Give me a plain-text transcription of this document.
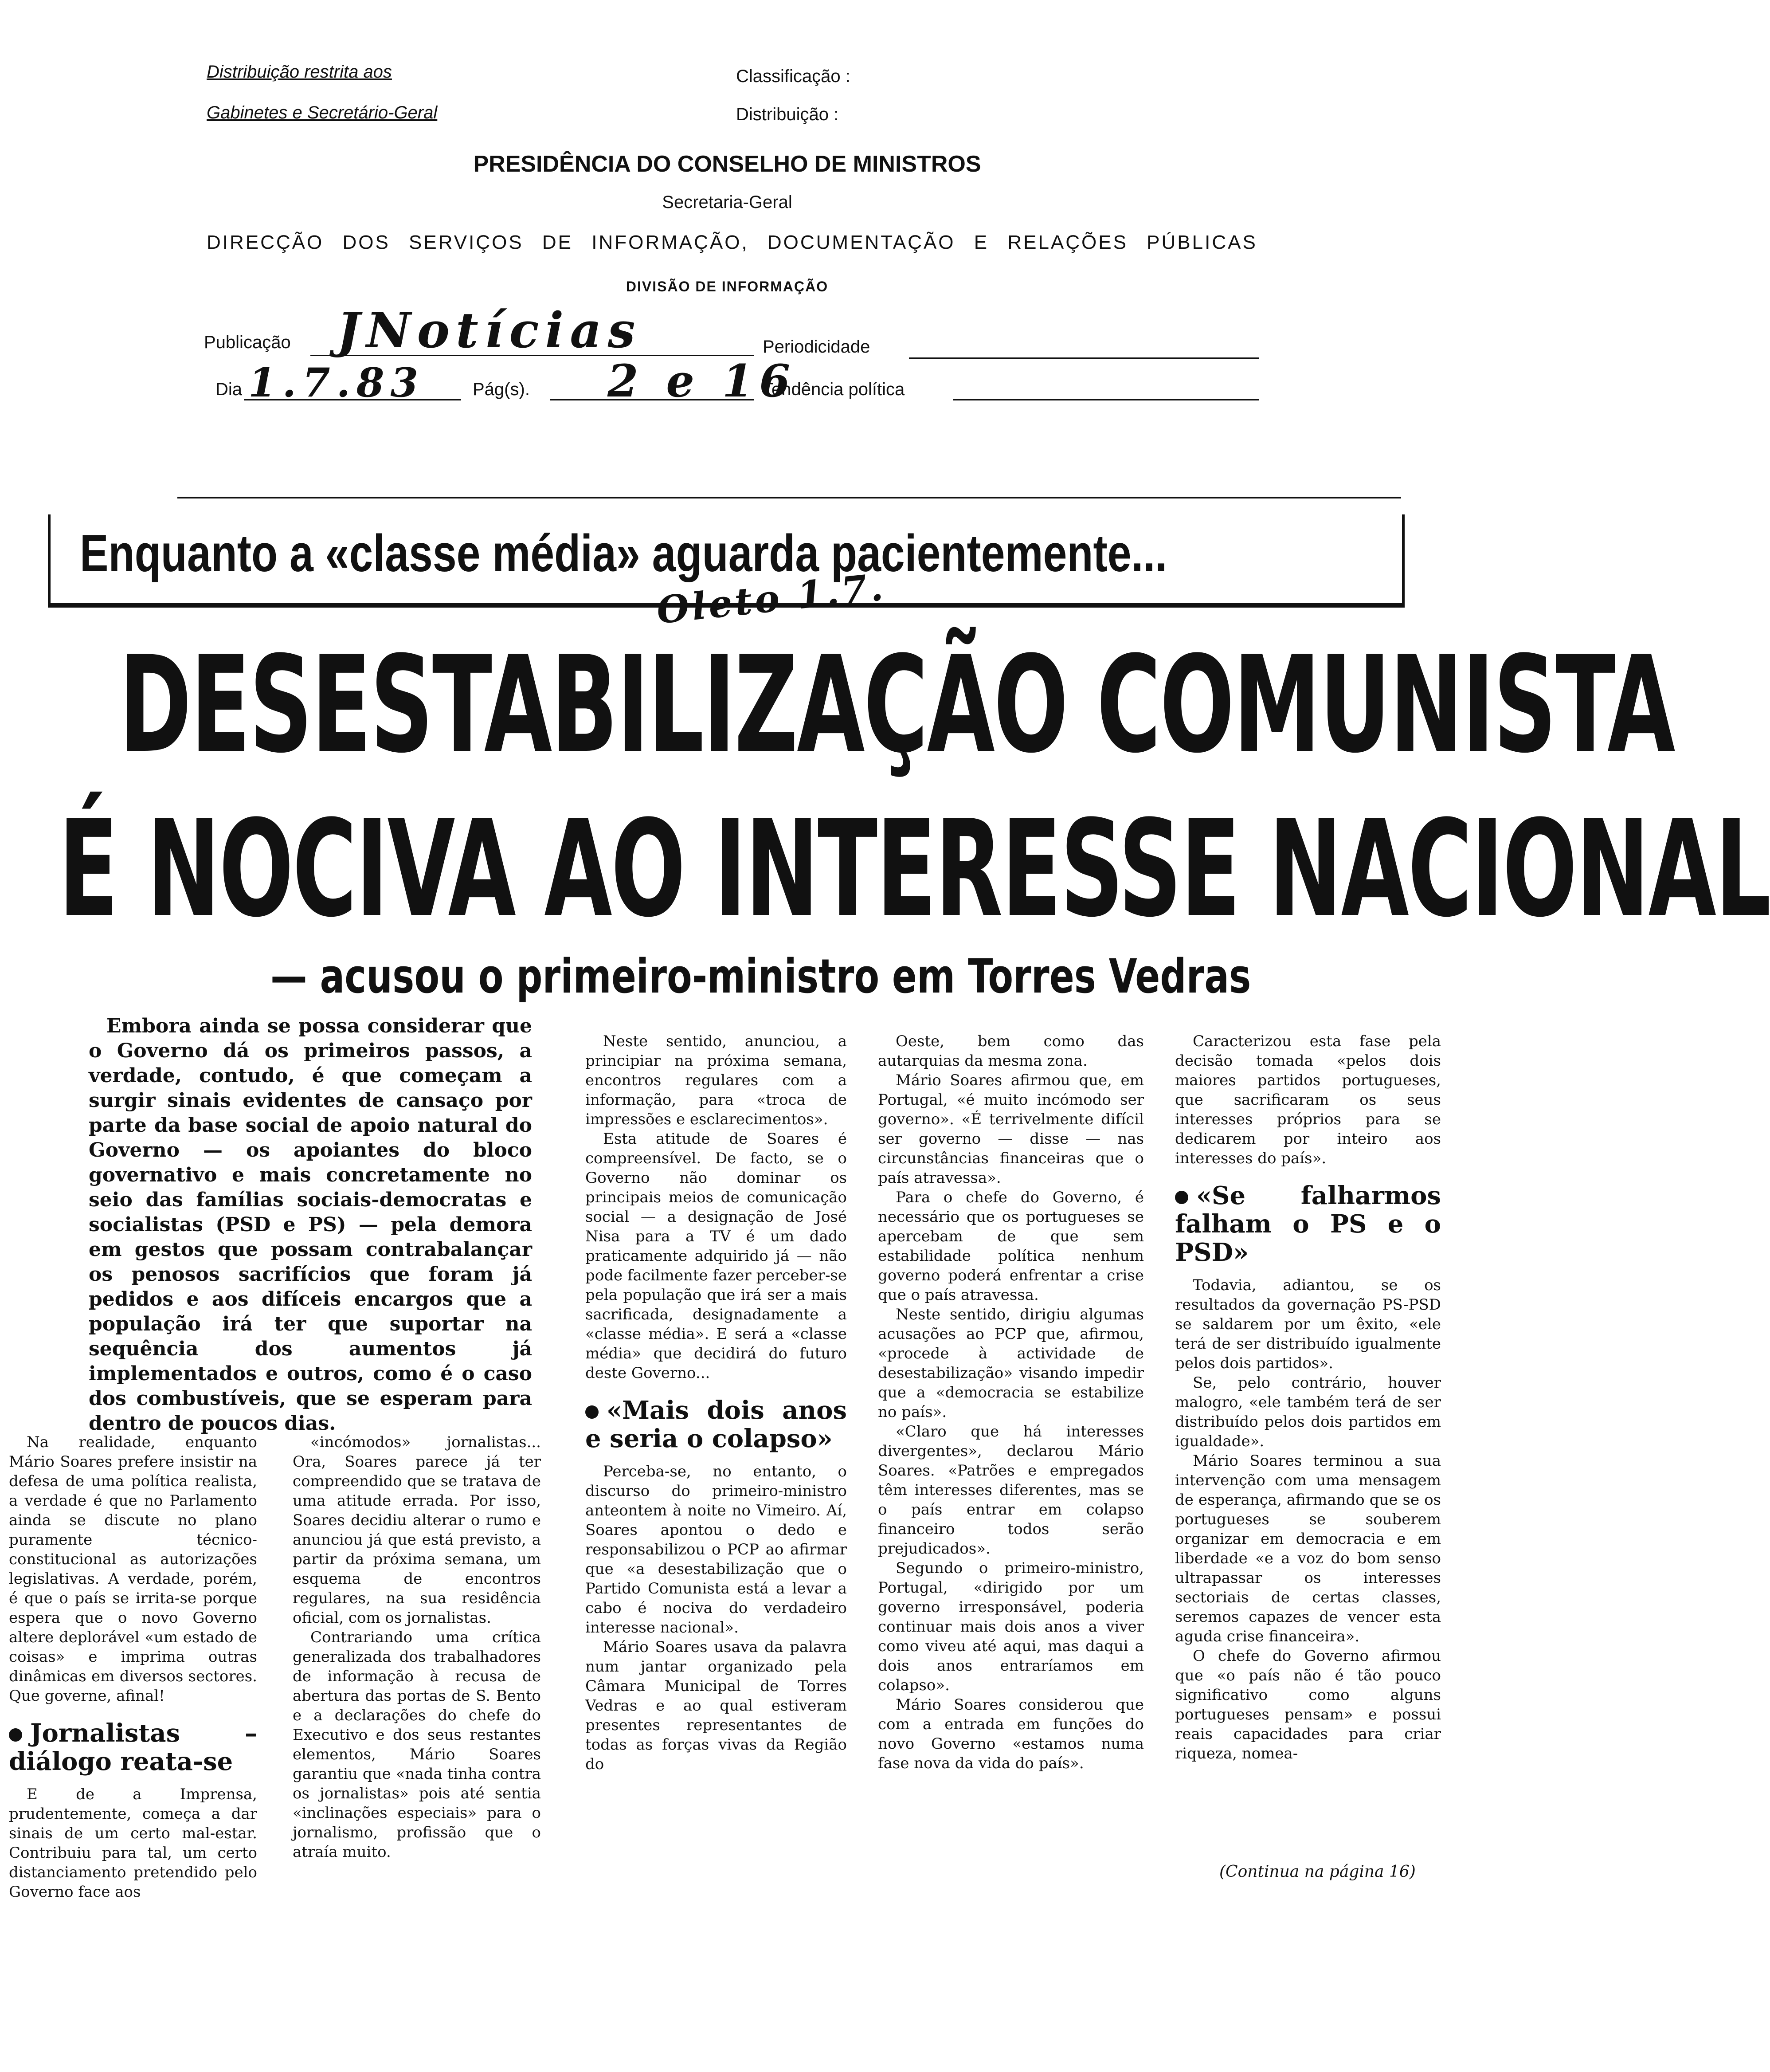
Distribuição restrita aos
Gabinetes e Secretário-Geral
Classificação :
Distribuição :
PRESIDÊNCIA DO CONSELHO DE MINISTROS
Secretaria-Geral
DIRECÇÃO DOS SERVIÇOS DE INFORMAÇÃO, DOCUMENTAÇÃO E RELAÇÕES PÚBLICAS
DIVISÃO DE INFORMAÇÃO
Publicação JNotícias	Periodicidade
Dia 1.7.83	Pág(s). 2 e 16
Tendência política
Enquanto a «classe média» aguarda pacientemente...
Oleto 1.7.
DESESTABILIZAÇÃO COMUNISTA
É NOCIVA AO INTERESSE NACIONAL
— acusou o primeiro-ministro em Torres Vedras
Embora ainda se possa considerar que o Governo dá os primeiros passos, a verdade, contudo, é que começam a surgir sinais evidentes de cansaço por parte da base social de apoio natural do Governo — os apoiantes do bloco governativo e mais concretamente no seio das famílias sociais-democratas e socialistas (PSD e PS) — pela demora em gestos que possam contrabalançar os penosos sacrifícios que foram já pedidos e aos difíceis encargos que a população irá ter que suportar na sequência dos aumentos já implementados e outros, como é o caso dos combustíveis, que se esperam para dentro de poucos dias.

Na realidade, enquanto Mário Soares prefere insistir na defesa de uma política realista, a verdade é que no Parlamento ainda se discute no plano puramente técnico-constitucional as autorizações legislativas. A verdade, porém, é que o país se irrita-se porque espera que o novo Governo altere deplorável «um estado de coisas» e imprima outras dinâmicas em diversos sectores. Que governe, afinal!

Jornalistas – diálogo reata-se

E de a Imprensa, prudentemente, começa a dar sinais de um certo mal-estar. Contribuiu para tal, um certo distanciamento pretendido pelo Governo face aos

«incómodos» jornalistas... Ora, Soares parece já ter compreendido que se tratava de uma atitude errada. Por isso, Soares decidiu alterar o rumo e anunciou já que está previsto, a partir da próxima semana, um esquema de encontros regulares, na sua residência oficial, com os jornalistas.

Contrariando uma crítica generalizada dos trabalhadores de informação à recusa de abertura das portas de S. Bento e a declarações do chefe do Executivo e dos seus restantes elementos, Mário Soares garantiu que «nada tinha contra os jornalistas» pois até sentia «inclinações especiais» para o jornalismo, profissão que o atraía muito.

Neste sentido, anunciou, a principiar na próxima semana, encontros regulares com a informação, para «troca de impressões e esclarecimentos».

Esta atitude de Soares é compreensível. De facto, se o Governo não dominar os principais meios de comunicação social — a designação de José Nisa para a TV é um dado praticamente adquirido já — não pode facilmente fazer perceber-se pela população que irá ser a mais sacrificada, designadamente a «classe média». E será a «classe média» que decidirá do futuro deste Governo...

«Mais dois anos e seria o colapso»

Perceba-se, no entanto, o discurso do primeiro-ministro anteontem à noite no Vimeiro. Aí, Soares apontou o dedo e responsabilizou o PCP ao afirmar que «a desestabilização que o Partido Comunista está a levar a cabo é nociva do verdadeiro interesse nacional».

Mário Soares usava da palavra num jantar organizado pela Câmara Municipal de Torres Vedras e ao qual estiveram presentes representantes de todas as forças vivas da Região do

Oeste, bem como das autarquias da mesma zona.

Mário Soares afirmou que, em Portugal, «é muito incómodo ser governo». «É terrivelmente difícil ser governo — disse — nas circunstâncias financeiras que o país atravessa».

Para o chefe do Governo, é necessário que os portugueses se apercebam de que sem estabilidade política nenhum governo poderá enfrentar a crise que o país atravessa.

Neste sentido, dirigiu algumas acusações ao PCP que, afirmou, «procede à actividade de desestabilização» visando impedir que a «democracia se estabilize no país».

«Claro que há interesses divergentes», declarou Mário Soares. «Patrões e empregados têm interesses diferentes, mas se o país entrar em colapso financeiro todos serão prejudicados».

Segundo o primeiro-ministro, Portugal, «dirigido por um governo irresponsável, poderia continuar mais dois anos a viver como viveu até aqui, mas daqui a dois anos entraríamos em colapso».

Mário Soares considerou que com a entrada em funções do novo Governo «estamos numa fase nova da vida do país».

Caracterizou esta fase pela decisão tomada «pelos dois maiores partidos portugueses, que sacrificaram os seus interesses próprios para se dedicarem por inteiro aos interesses do país».

«Se falharmos falham o PS e o PSD»

Todavia, adiantou, se os resultados da governação PS-PSD se saldarem por um êxito, «ele terá de ser distribuído igualmente pelos dois partidos».

Se, pelo contrário, houver malogro, «ele também terá de ser distribuído pelos dois partidos em igualdade».

Mário Soares terminou a sua intervenção com uma mensagem de esperança, afirmando que se os portugueses se souberem organizar em democracia e em liberdade «e a voz do bom senso ultrapassar os interesses sectoriais de certas classes, seremos capazes de vencer esta aguda crise financeira».

O chefe do Governo afirmou que «o país não é tão pouco significativo como alguns portugueses pensam» e possui reais capacidades para criar riqueza, nomea-

(Continua na página 16)
